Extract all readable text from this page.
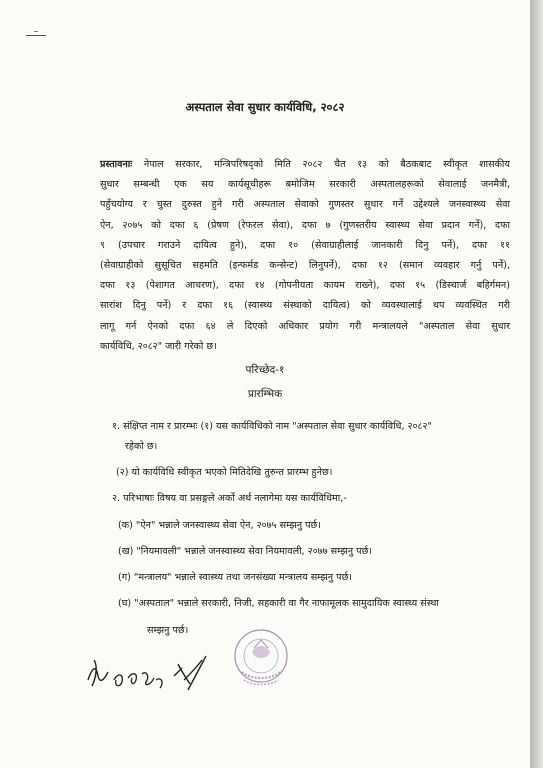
अस्पताल सेवा सुधार कार्यविधि, २०८२
प्रस्तावनाः नेपाल सरकार, मन्त्रिपरिषद्को मिति २०८२ चैत १३ को बैठकबाट स्वीकृत शासकीय
सुधार सम्बन्धी एक सय कार्यसूचीहरू बमोजिम सरकारी अस्पतालहरूको सेवालाई जनमैत्री,
पहुँचयोग्य र चुस्त दुरुस्त हुने गरी अस्पताल सेवाको गुणस्तर सुधार गर्ने उद्देश्यले जनस्वास्थ्य सेवा
ऐन, २०७५ को दफा ६ (प्रेषण (रेफरल सेवा), दफा ७ (गुणस्तरीय स्वास्थ्य सेवा प्रदान गर्ने), दफा
९ (उपचार गराउने दायित्व हुने), दफा १० (सेवाग्राहीलाई जानकारी दिनु पर्ने), दफा ११
(सेवाग्राहीको सुसूचित सहमति (इन्फर्मड कन्सेन्ट) लिनुपर्ने), दफा १२ (समान व्यवहार गर्नु पर्ने),
दफा १३ (पेशागत आचरण), दफा १४ (गोपनीयता कायम राख्ने), दफा १५ (डिस्चार्ज बहिर्गमन)
सारांश दिनु पर्ने) र दफा १६ (स्वास्थ्य संस्थाको दायित्व) को व्यवस्थालाई थप व्यवस्थित गरी
लागू गर्न ऐनको दफा ६४ ले दिएको अधिकार प्रयोग गरी मन्त्रालयले "अस्पताल सेवा सुधार
कार्यविधि, २०८२" जारी गरेको छ।
परिच्छेद-१
प्रारम्भिक
१. संक्षिप्त नाम र प्रारम्भः (१) यस कार्यविधिको नाम "अस्पताल सेवा सुधार कार्यविधि, २०८२"
रहेको छ।
(२) यो कार्यविधि स्वीकृत भएको मितिदेखि तुरुन्त प्रारम्भ हुनेछ।
२. परिभाषाः विषय वा प्रसङ्गले अर्को अर्थ नलागेमा यस कार्यविधिमा,-
(क) "ऐन" भन्नाले जनस्वास्थ्य सेवा ऐन, २०७५ सम्झनु पर्छ।
(ख) "नियमावली" भन्नाले जनस्वास्थ्य सेवा नियमावली, २०७७ सम्झनु पर्छ।
(ग) "मन्त्रालय" भन्नाले स्वास्थ्य तथा जनसंख्या मन्त्रालय सम्झनु पर्छ।
(घ) "अस्पताल" भन्नाले सरकारी, निजी, सहकारी वा गैर नाफामूलक सामुदायिक स्वास्थ्य संस्था
सम्झनु पर्छ।
